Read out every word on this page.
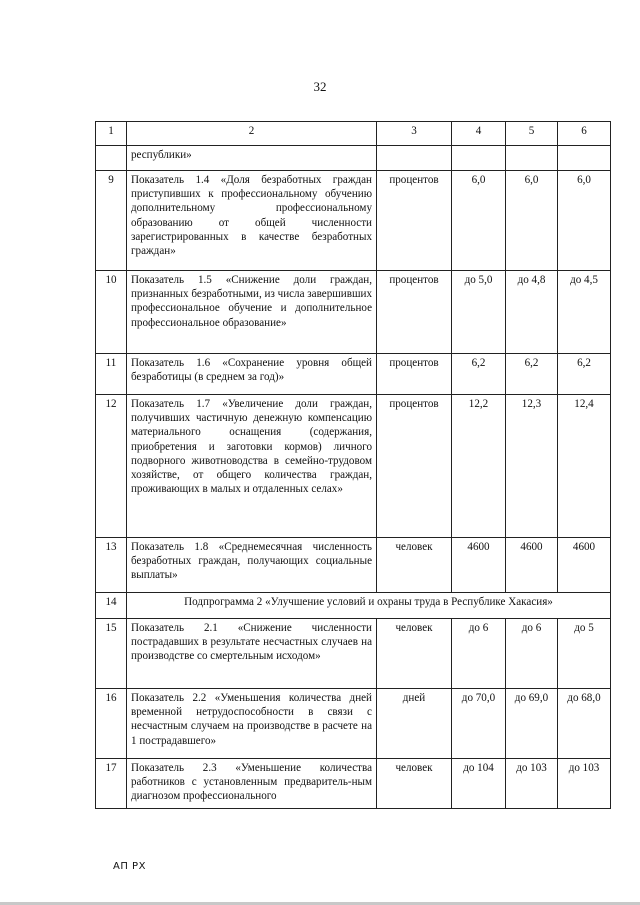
32
1	2	3	4	5	6
	республики»				
9	Показатель 1.4 «Доля безработных граждан приступивших к профессиональному обучению дополнительному профессиональному образованию от общей численности зарегистрированных в качестве безработных граждан»	процентов	6,0	6,0	6,0
10	Показатель 1.5 «Снижение доли граждан, признанных безработными, из числа завершивших профессиональное обучение и дополнительное профессиональное образование»	процентов	до 5,0	до 4,8	до 4,5
11	Показатель 1.6 «Сохранение уровня общей безработицы (в среднем за год)»	процентов	6,2	6,2	6,2
12	Показатель 1.7 «Увеличение доли граждан, получивших частичную денежную компенсацию материального оснащения (содержания, приобретения и заготовки кормов) личного подворного животноводства в семейно-трудовом хозяйстве, от общего количества граждан, проживающих в малых и отдаленных селах»	процентов	12,2	12,3	12,4
13	Показатель 1.8 «Среднемесячная численность безработных граждан, получающих социальные выплаты»	человек	4600	4600	4600
14	Подпрограмма 2 «Улучшение условий и охраны труда в Республике Хакасия»				
15	Показатель 2.1 «Снижение численности пострадавших в результате несчастных случаев на производстве со смертельным исходом»	человек	до 6	до 6	до 5
16	Показатель 2.2 «Уменьшения количества дней временной нетрудоспособности в связи с несчастным случаем на производстве в расчете на 1 пострадавшего»	дней	до 70,0	до 69,0	до 68,0
17	Показатель 2.3 «Уменьшение количества работников с установленным предваритель-ным диагнозом профессионального	человек	до 104	до 103	до 103
АП РХ
